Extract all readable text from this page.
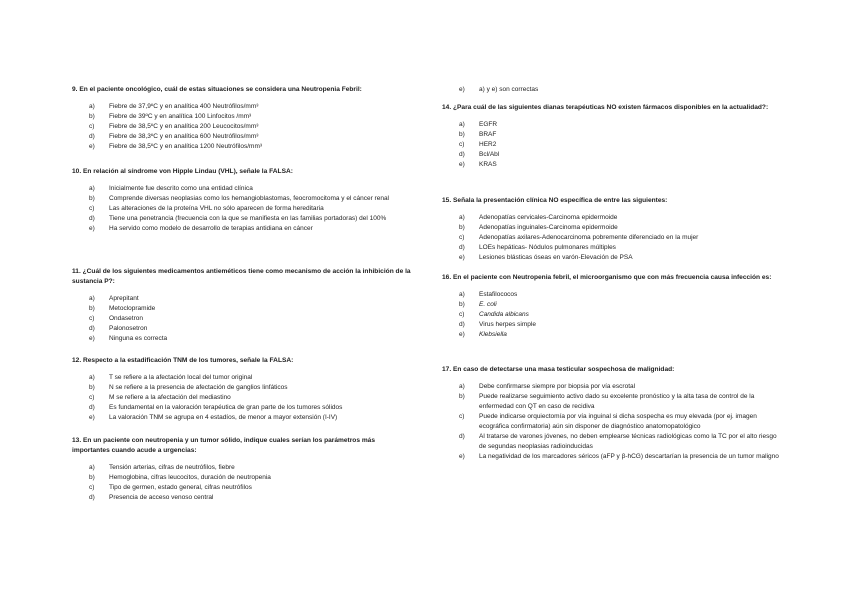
9. En el paciente oncológico, cuál de estas situaciones se considera una Neutropenia Febril:

a) Fiebre de 37,9ºC y en analítica 400 Neutrófilos/mm³
b) Fiebre de 39ºC y en analítica 100 Linfocitos /mm³
c) Fiebre de 38,5ºC y en analítica 200 Leucocitos/mm³
d) Fiebre de 38,3ºC y en analítica 600 Neutrófilos/mm³
e) Fiebre de 38,5ºC y en analítica 1200 Neutrófilos/mm³

10. En relación al síndrome von Hipple Lindau (VHL), señale la FALSA:

a) Inicialmente fue descrito como una entidad clínica
b) Comprende diversas neoplasias como los hemangioblastomas, feocromocitoma y el cáncer renal
c) Las alteraciones de la proteína VHL no sólo aparecen de forma hereditaria
d) Tiene una penetrancia (frecuencia con la que se manifiesta en las familias portadoras) del 100%
e) Ha servido como modelo de desarrollo de terapias antidiana en cáncer

11. ¿Cuál de los siguientes medicamentos antieméticos tiene como mecanismo de acción la inhibición de la sustancia P?:

a) Aprepitant
b) Metoclopramide
c) Ondasetron
d) Palonosetron
e) Ninguna es correcta

12. Respecto a la estadificación TNM de los tumores, señale la FALSA:

a) T se refiere a la afectación local del tumor original
b) N se refiere a la presencia de afectación de ganglios linfáticos
c) M se refiere a la afectación del mediastino
d) Es fundamental en la valoración terapéutica de gran parte de los tumores sólidos
e) La valoración TNM se agrupa en 4 estadíos, de menor a mayor extensión (I-IV)

13. En un paciente con neutropenia y un tumor sólido, indique cuales serían los parámetros más importantes cuando acude a urgencias:

a) Tensión arterias, cifras de neutrófilos, fiebre
b) Hemoglobina, cifras leucocitos, duración de neutropenia
c) Tipo de germen, estado general, cifras neutrófilos
d) Presencia de acceso venoso central
e) a) y e) son correctas

14. ¿Para cuál de las siguientes dianas terapéuticas NO existen fármacos disponibles en la actualidad?:

a) EGFR
b) BRAF
c) HER2
d) Bcl/Abl
e) KRAS

15. Señala la presentación clínica NO específica de entre las siguientes:

a) Adenopatías cervicales-Carcinoma epidermoide
b) Adenopatías inguinales-Carcinoma epidermoide
c) Adenopatías axilares-Adenocarcinoma pobremente diferenciado en la mujer
d) LOEs hepáticas- Nódulos pulmonares múltiples
e) Lesiones blásticas óseas en varón-Elevación de PSA

16. En el paciente con Neutropenia febril, el microorganismo que con más frecuencia causa infección es:

a) Estafilococos
b) E. coli
c) Candida albicans
d) Virus herpes simple
e) Klebsiella

17. En caso de detectarse una masa testicular sospechosa de malignidad:

a) Debe confirmarse siempre por biopsia por vía escrotal
b) Puede realizarse seguimiento activo dado su excelente pronóstico y la alta tasa de control de la enfermedad con QT en caso de recidiva
c) Puede indicarse orquiectomía por vía inguinal si dicha sospecha es muy elevada (por ej. imagen ecográfica confirmatoria) aún sin disponer de diagnóstico anatomopatológico
d) Al tratarse de varones jóvenes, no deben emplearse técnicas radiológicas como la TC por el alto riesgo de segundas neoplasias radioinducidas
e) La negatividad de los marcadores séricos (aFP y β-hCG) descartarían la presencia de un tumor maligno
